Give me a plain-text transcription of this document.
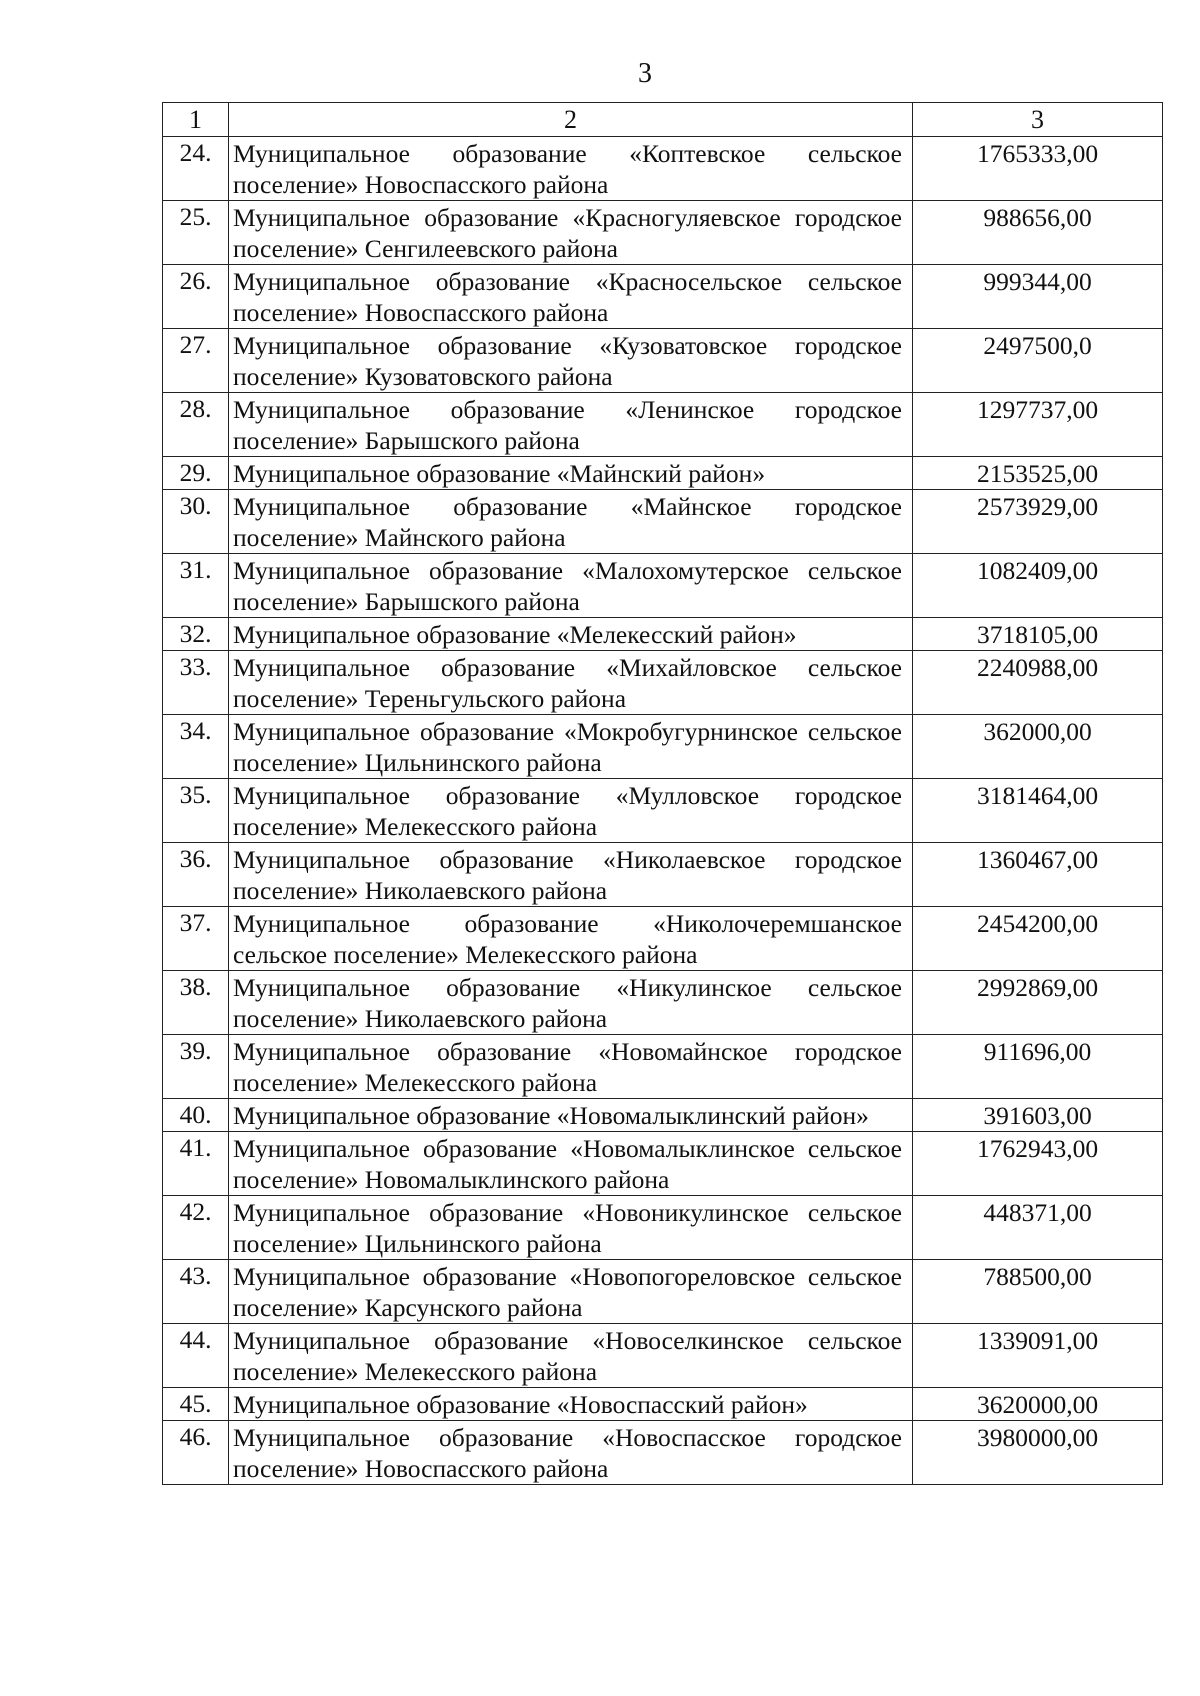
3
1	2	3
24.	Муниципальное образование «Коптевское сельское поселение» Новоспасского района	1765333,00
25.	Муниципальное образование «Красногуляевское городское поселение» Сенгилеевского района	988656,00
26.	Муниципальное образование «Красносельское сельское поселение» Новоспасского района	999344,00
27.	Муниципальное образование «Кузоватовское городское поселение» Кузоватовского района	2497500,0
28.	Муниципальное образование «Ленинское городское поселение» Барышского района	1297737,00
29.	Муниципальное образование «Майнский район»	2153525,00
30.	Муниципальное образование «Майнское городское поселение» Майнского района	2573929,00
31.	Муниципальное образование «Малохомутерское сельское поселение» Барышского района	1082409,00
32.	Муниципальное образование «Мелекесский район»	3718105,00
33.	Муниципальное образование «Михайловское сельское поселение» Тереньгульского района	2240988,00
34.	Муниципальное образование «Мокробугурнинское сельское поселение» Цильнинского района	362000,00
35.	Муниципальное образование «Мулловское городское поселение» Мелекесского района	3181464,00
36.	Муниципальное образование «Николаевское городское поселение» Николаевского района	1360467,00
37.	Муниципальное образование «Николочеремшанское сельское поселение» Мелекесского района	2454200,00
38.	Муниципальное образование «Никулинское сельское поселение» Николаевского района	2992869,00
39.	Муниципальное образование «Новомайнское городское поселение» Мелекесского района	911696,00
40.	Муниципальное образование «Новомалыклинский район»	391603,00
41.	Муниципальное образование «Новомалыклинское сельское поселение» Новомалыклинского района	1762943,00
42.	Муниципальное образование «Новоникулинское сельское поселение» Цильнинского района	448371,00
43.	Муниципальное образование «Новопогореловское сельское поселение» Карсунского района	788500,00
44.	Муниципальное образование «Новоселкинское сельское поселение» Мелекесского района	1339091,00
45.	Муниципальное образование «Новоспасский район»	3620000,00
46.	Муниципальное образование «Новоспасское городское поселение» Новоспасского района	3980000,00
